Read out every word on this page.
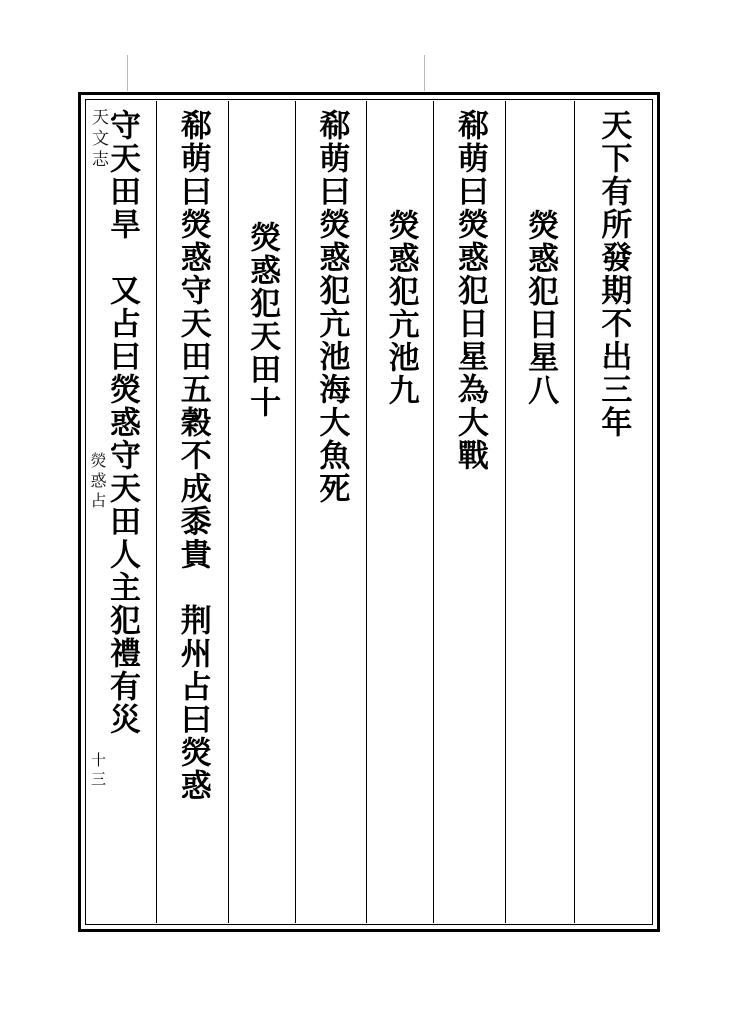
天下有所發期不出三年
熒惑犯日星八
郗萌曰熒惑犯日星為大戰
熒惑犯亢池九
郗萌曰熒惑犯亢池海大魚死
熒惑犯天田十
郗萌曰熒惑守天田五穀不成黍貴　荆州占曰熒惑
守天田旱　又占曰熒惑守天田人主犯禮有災
天文志
熒惑占
十三
